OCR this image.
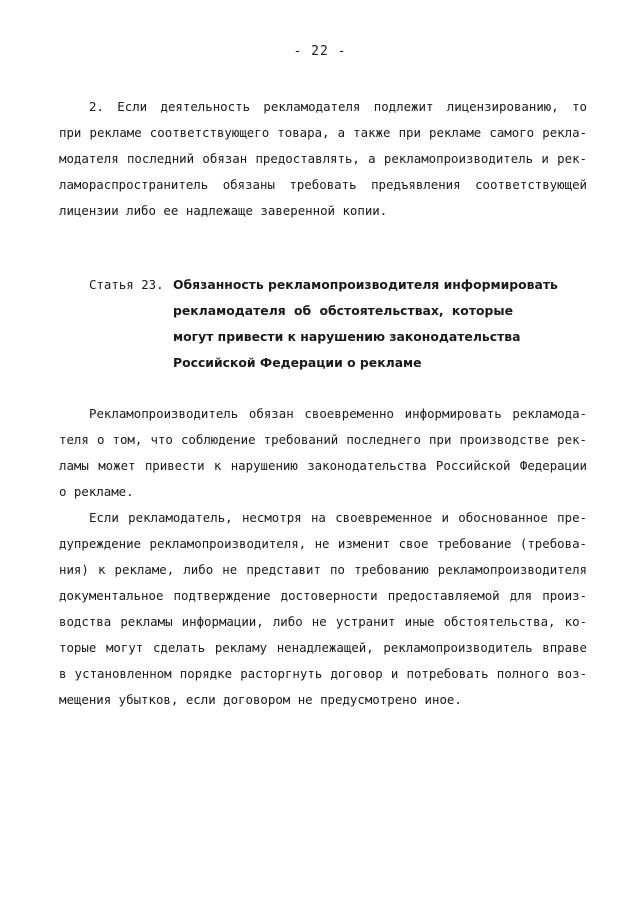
- 22 -
2. Если деятельность рекламодателя подлежит лицензированию, то
при рекламе соответствующего товара, а также при рекламе самого рекла-
модателя последний обязан предоставлять, а рекламопроизводитель и рек-
ламораспространитель обязаны требовать предъявления соответствующей
лицензии либо ее надлежаще заверенной копии.
Статья 23. Обязанность рекламопроизводителя информировать
рекламодателя об обстоятельствах, которые
могут привести к нарушению законодательства
Российской Федерации о рекламе
Рекламопроизводитель обязан своевременно информировать рекламода-
теля о том, что соблюдение требований последнего при производстве рек-
ламы может привести к нарушению законодательства Российской Федерации
о рекламе.
Если рекламодатель, несмотря на своевременное и обоснованное пре-
дупреждение рекламопроизводителя, не изменит свое требование (требова-
ния) к рекламе, либо не представит по требованию рекламопроизводителя
документальное подтверждение достоверности предоставляемой для произ-
водства рекламы информации, либо не устранит иные обстоятельства, ко-
торые могут сделать рекламу ненадлежащей, рекламопроизводитель вправе
в установленном порядке расторгнуть договор и потребовать полного воз-
мещения убытков, если договором не предусмотрено иное.
